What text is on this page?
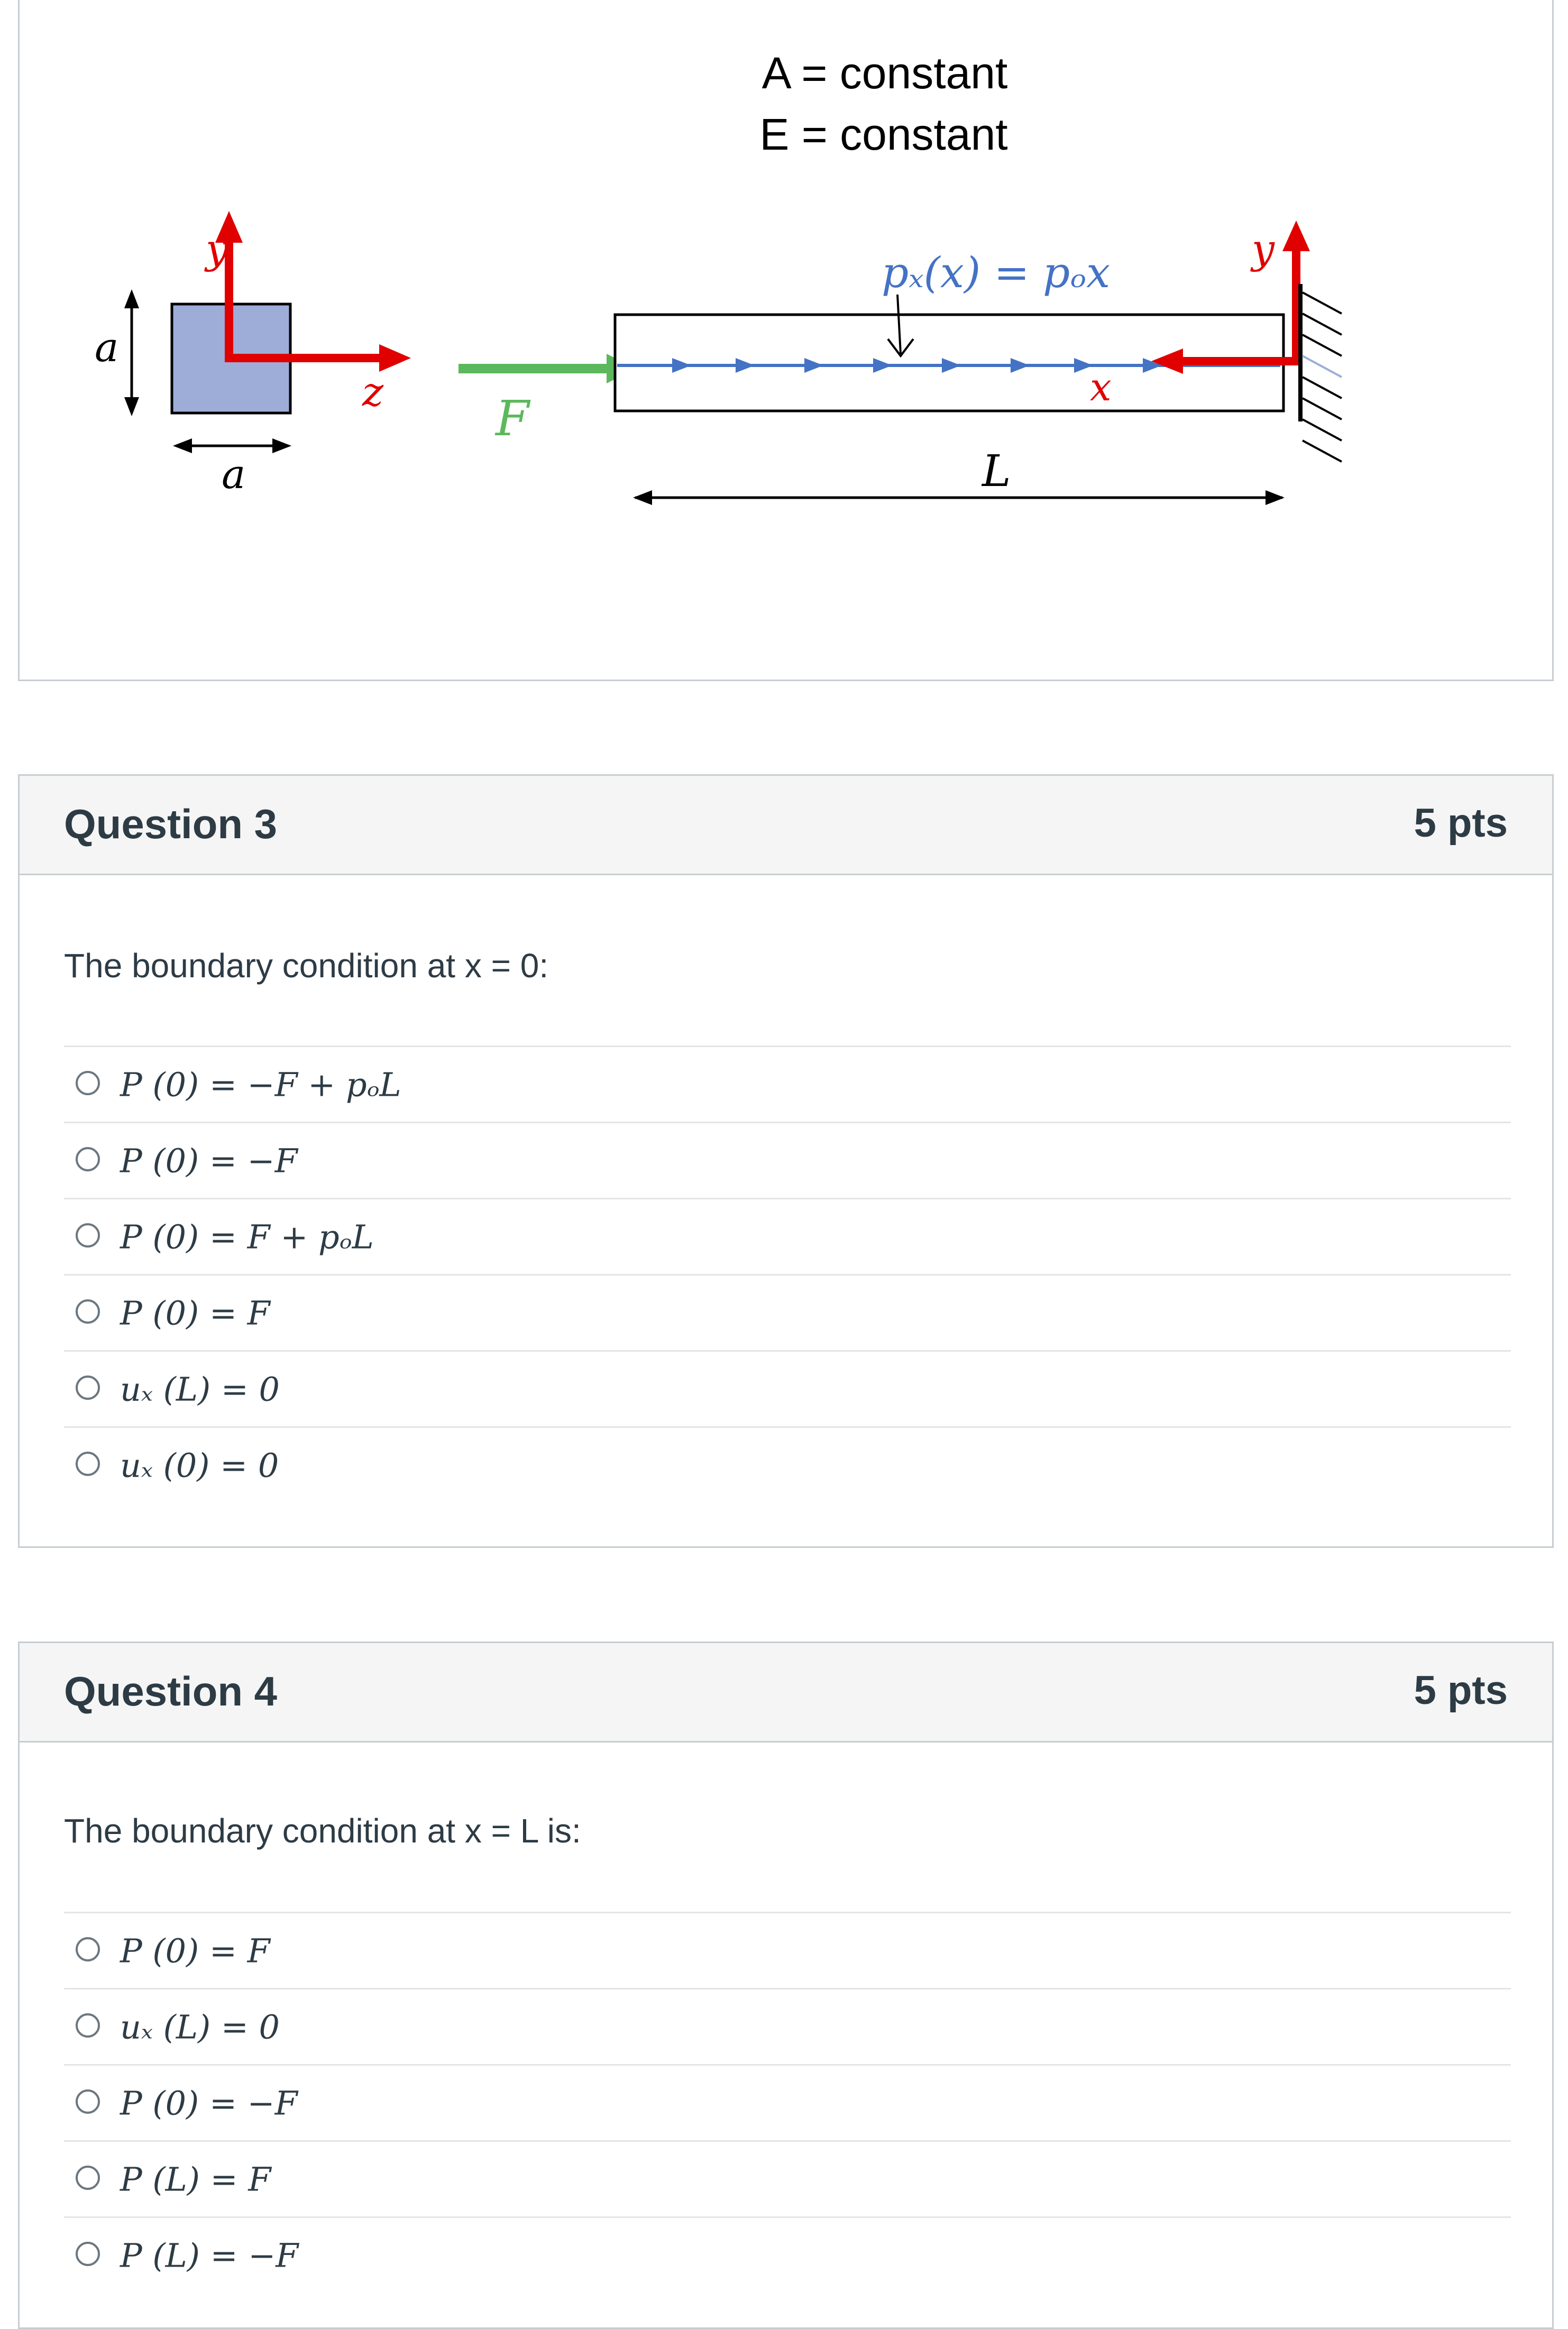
A = constant
E = constant
y
z
a
a
F
pₓ(x) = pₒx
x
y
L
Question 3	5 pts
The boundary condition at x = 0:
P (0) = −F + pₒL
P (0) = −F
P (0) = F + pₒL
P (0) = F
uₓ (L) = 0
uₓ (0) = 0
Question 4	5 pts
The boundary condition at x = L is:
P (0) = F
uₓ (L) = 0
P (0) = −F
P (L) = F
P (L) = −F
